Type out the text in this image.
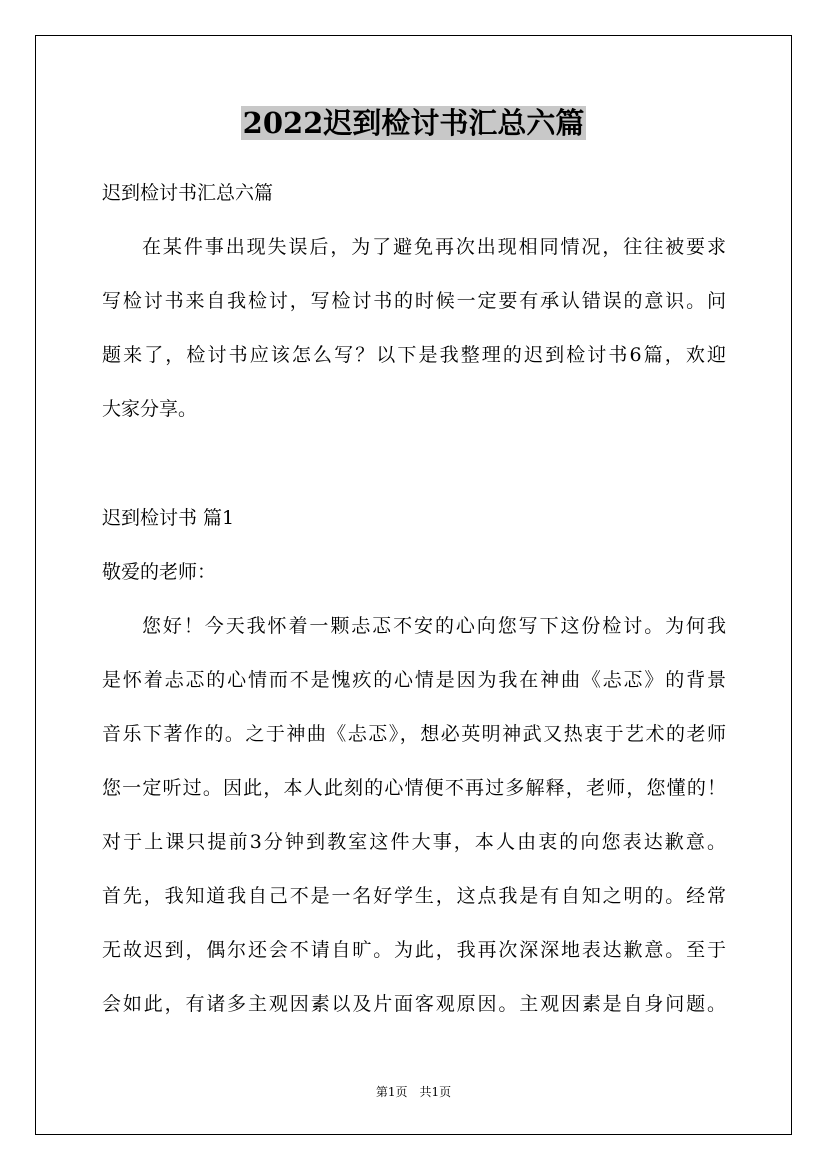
2022迟到检讨书汇总六篇

迟到检讨书汇总六篇

在某件事出现失误后，为了避免再次出现相同情况，往往被要求

写检讨书来自我检讨，写检讨书的时候一定要有承认错误的意识。问

题来了，检讨书应该怎么写？以下是我整理的迟到检讨书6篇，欢迎

大家分享。

迟到检讨书 篇1

敬爱的老师：

您好！今天我怀着一颗忐忑不安的心向您写下这份检讨。为何我

是怀着忐忑的心情而不是愧疚的心情是因为我在神曲《忐忑》的背景

音乐下著作的。之于神曲《忐忑》，想必英明神武又热衷于艺术的老师

您一定听过。因此，本人此刻的心情便不再过多解释，老师，您懂的！

对于上课只提前3分钟到教室这件大事，本人由衷的向您表达歉意。

首先，我知道我自己不是一名好学生，这点我是有自知之明的。经常

无故迟到，偶尔还会不请自旷。为此，我再次深深地表达歉意。至于

会如此，有诸多主观因素以及片面客观原因。主观因素是自身问题。

第1页　共1页
